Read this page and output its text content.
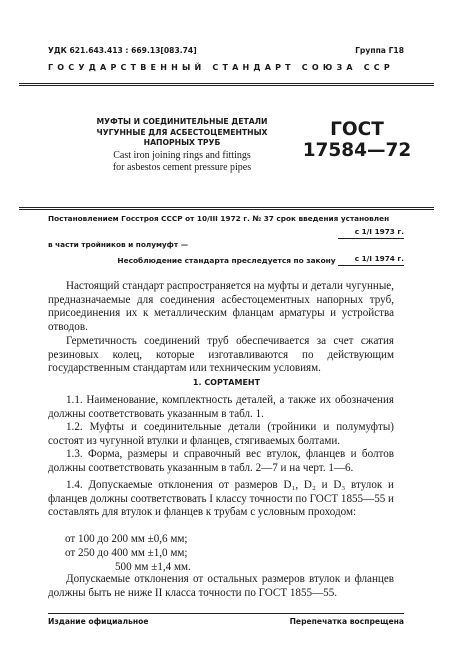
УДК 621.643.413 : 669.13[083.74]	Группа Г18
ГОСУДАРСТВЕННЫЙ СТАНДАРТ СОЮЗА ССР
МУФТЫ И СОЕДИНИТЕЛЬНЫЕ ДЕТАЛИ
ЧУГУННЫЕ ДЛЯ АСБЕСТОЦЕМЕНТНЫХ
НАПОРНЫХ ТРУБ
Cast iron joining rings and fittings
for asbestos cement pressure pipes
ГОСТ
17584—72
Постановлением Госстроя СССР от 10/III 1972 г. № 37 срок введения установлен
с 1/I 1973 г.
в части тройников и полумуфт —
с 1/I 1974 г.
Несоблюдение стандарта преследуется по закону
Настоящий стандарт распространяется на муфты и детали чугунные, предназначаемые для соединения асбестоцементных напорных труб, присоединения их к металлическим фланцам арматуры и устройства отводов.
Герметичность соединений труб обеспечивается за счет сжатия резиновых колец, которые изготавливаются по действующим государственным стандартам или техническим условиям.
1. СОРТАМЕНТ
1.1. Наименование, комплектность деталей, а также их обозначения должны соответствовать указанным в табл. 1.
1.2. Муфты и соединительные детали (тройники и полумуфты) состоят из чугунной втулки и фланцев, стягиваемых болтами.
1.3. Форма, размеры и справочный вес втулок, фланцев и болтов должны соответствовать указанным в табл. 2—7 и на черт. 1—6.
1.4. Допускаемые отклонения от размеров D₁, D₂ и D₃ втулок и фланцев должны соответствовать I классу точности по ГОСТ 1855—55 и составлять для втулок и фланцев к трубам с условным проходом:
от 100 до 200 мм ±0,6 мм;
от 250 до 400 мм ±1,0 мм;
500 мм ±1,4 мм.
Допускаемые отклонения от остальных размеров втулок и фланцев должны быть не ниже II класса точности по ГОСТ 1855—55.
Издание официальное	Перепечатка воспрещена
